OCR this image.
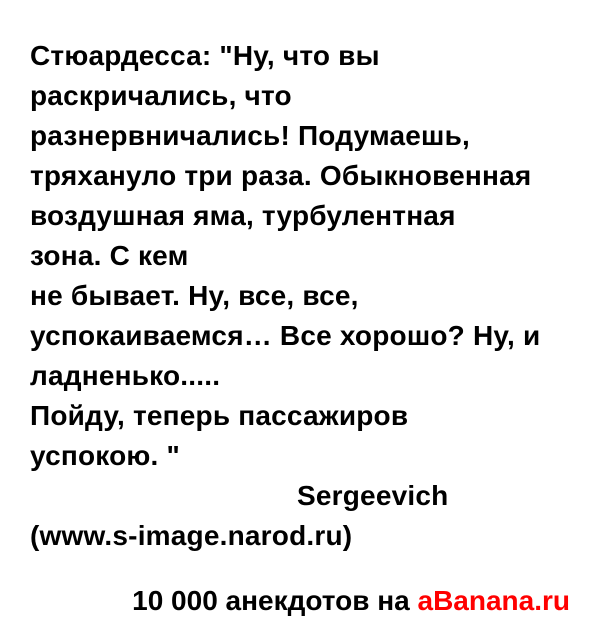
Стюардесса: "Ну, что вы
раскричались, что
разнервничались! Подумаешь,
тряхануло три раза. Обыкновенная
воздушная яма, турбулентная
зона. С кем
не бывает. Ну, все, все,
успокаиваемся… Все хорошо? Ну, и
ладненько.....
Пойду, теперь пассажиров
успокою. "
Sergeevich
(www.s-image.narod.ru)
10 000 анекдотов на aBanana.ru
